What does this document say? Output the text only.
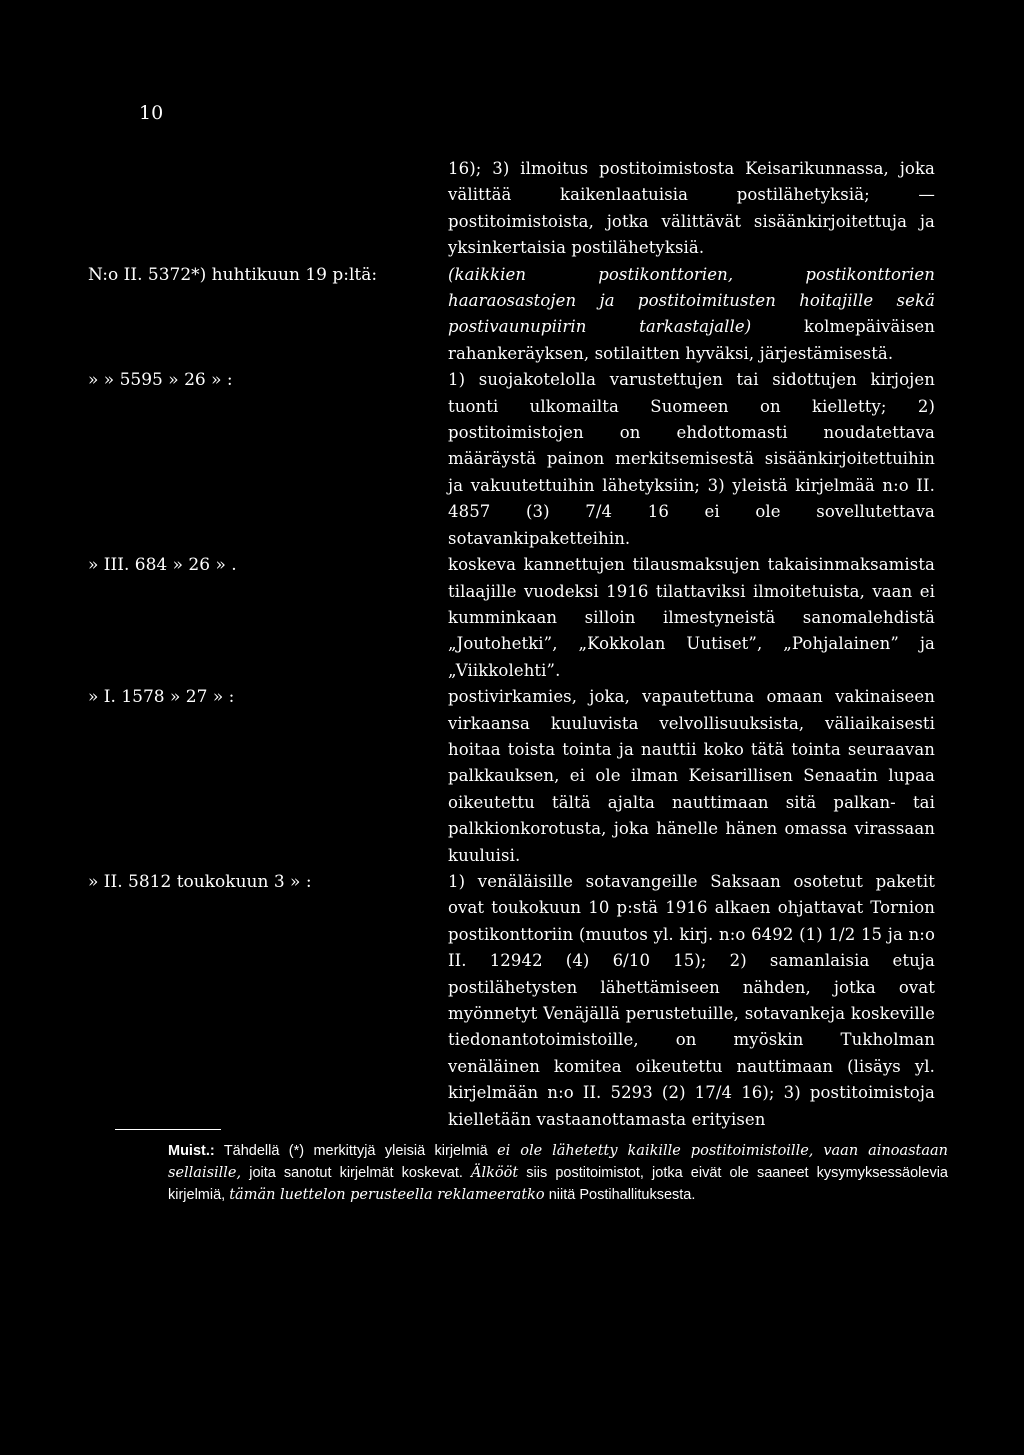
10

16); 3) ilmoitus postitoimistosta Keisarikunnassa, joka välittää kaikenlaatuisia postilähetyksiä; — postitoimistoista, jotka välittävät sisäänkirjoitettuja ja yksinkertaisia postilähetyksiä.

N:o II. 5372*) huhtikuun 19 p:ltä:	(kaikkien postikonttorien, postikonttorien haaraosastojen ja postitoimitusten hoitajille sekä postivaunupiirin tarkastajalle) kolmepäiväisen rahankeräyksen, sotilaitten hyväksi, järjestämisestä.

» » 5595 » 26 » :	1) suojakotelolla varustettujen tai sidottujen kirjojen tuonti ulkomailta Suomeen on kielletty; 2) postitoimistojen on ehdottomasti noudatettava määräystä painon merkitsemisestä sisäänkirjoitettuihin ja vakuutettuihin lähetyksiin; 3) yleistä kirjelmää n:o II. 4857 (3) 7/4 16 ei ole sovellutettava sotavankipaketteihin.

» III. 684 » 26 » .	koskeva kannettujen tilausmaksujen takaisinmaksamista tilaajille vuodeksi 1916 tilattaviksi ilmoitetuista, vaan ei kumminkaan silloin ilmestyneistä sanomalehdistä „Joutohetki”, „Kokkolan Uutiset”, „Pohjalainen” ja „Viikkolehti”.

» I. 1578 » 27 » :	postivirkamies, joka, vapautettuna omaan vakinaiseen virkaansa kuuluvista velvollisuuksista, väliaikaisesti hoitaa toista tointa ja nauttii koko tätä tointa seuraavan palkkauksen, ei ole ilman Keisarillisen Senaatin lupaa oikeutettu tältä ajalta nauttimaan sitä palkan- tai palkkionkorotusta, joka hänelle hänen omassa virassaan kuuluisi.

» II. 5812 toukokuun 3 » :	1) venäläisille sotavangeille Saksaan osotetut paketit ovat toukokuun 10 p:stä 1916 alkaen ohjattavat Tornion postikonttoriin (muutos yl. kirj. n:o 6492 (1) 1/2 15 ja n:o II. 12942 (4) 6/10 15); 2) samanlaisia etuja postilähetysten lähettämiseen nähden, jotka ovat myönnetyt Venäjällä perustetuille, sotavankeja koskeville tiedonantotoimistoille, on myöskin Tukholman venäläinen komitea oikeutettu nauttimaan (lisäys yl. kirjelmään n:o II. 5293 (2) 17/4 16); 3) postitoimistoja kielletään vastaanottamasta erityisen

Muist.: Tähdellä (*) merkittyjä yleisiä kirjelmiä ei ole lähetetty kaikille postitoimistoille, vaan ainoastaan sellaisille, joita sanotut kirjelmät koskevat. Älkööt siis postitoimistot, jotka eivät ole saaneet kysymyksessäolevia kirjelmiä, tämän luettelon perusteella reklameeratko niitä Postihallituksesta.
